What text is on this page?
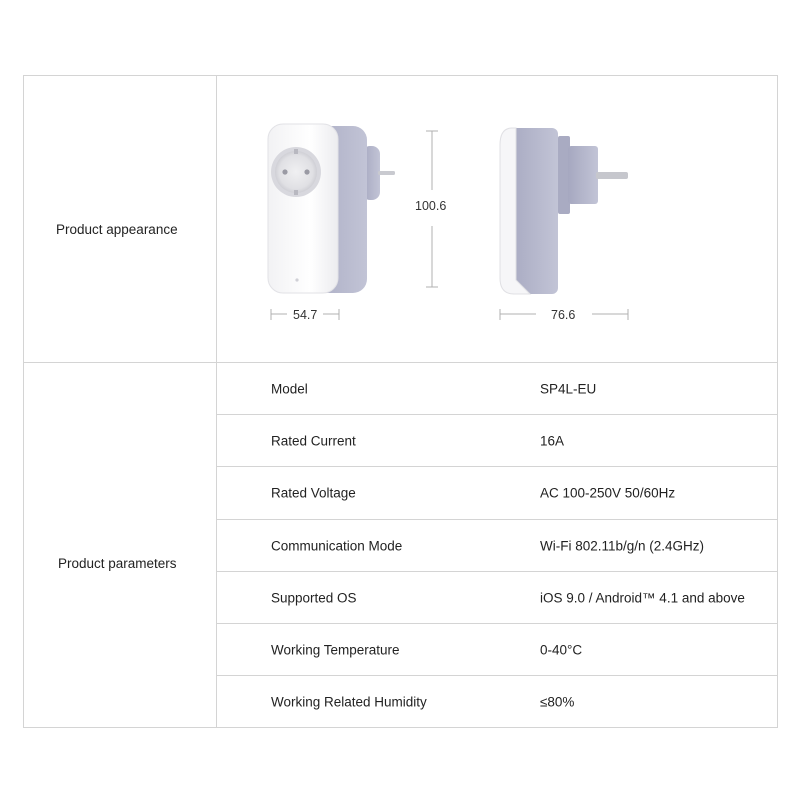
Product appearance
Product parameters
100.6
54.7	76.6
Model	SP4L-EU
Rated Current	16A
Rated Voltage	AC 100-250V 50/60Hz
Communication Mode	Wi-Fi 802.11b/g/n (2.4GHz)
Supported OS	iOS 9.0 / Android™ 4.1 and above
Working Temperature	0-40°C
Working Related Humidity	≤80%
